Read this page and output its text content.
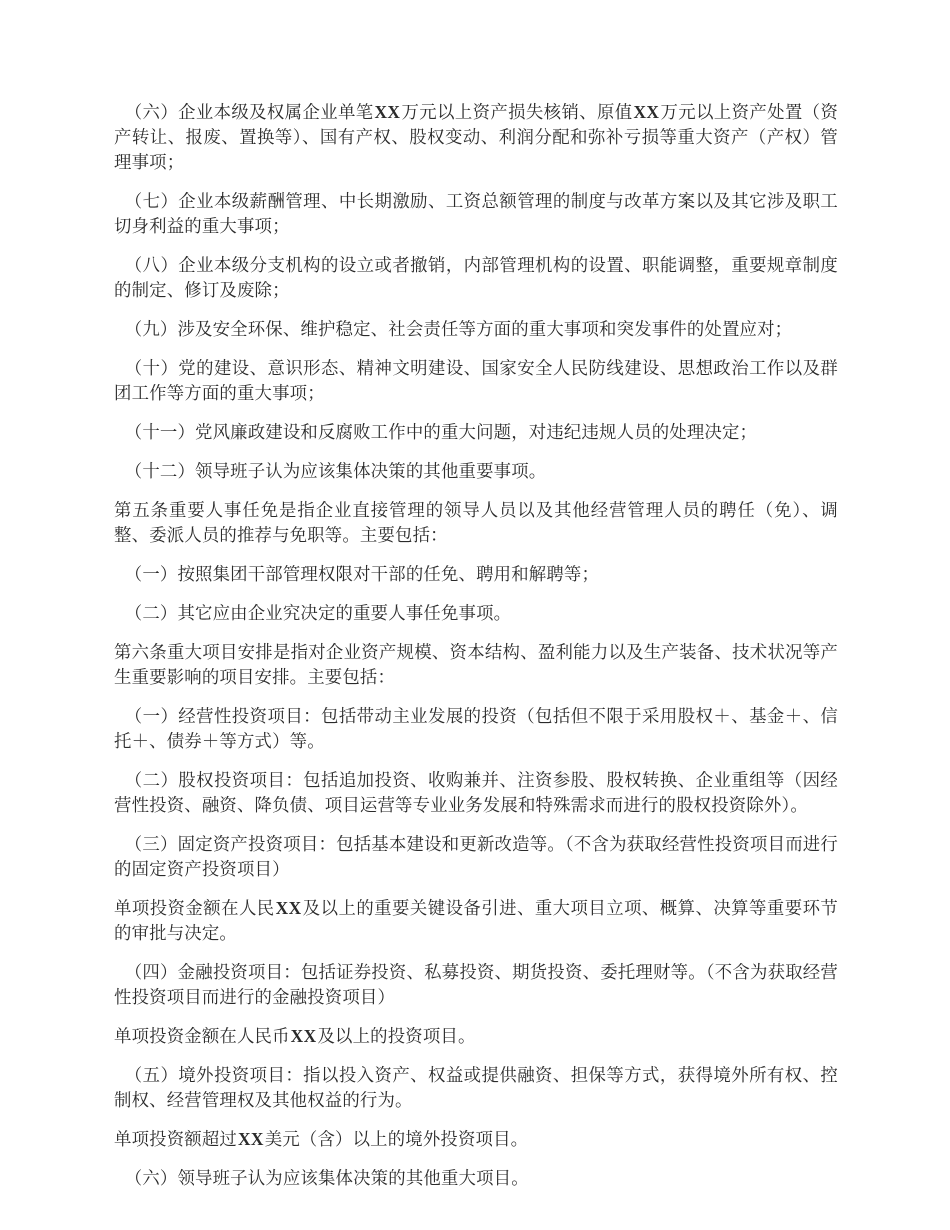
（六）企业本级及权属企业单笔XX万元以上资产损失核销、原值XX万元以上资产处置（资产转让、报废、置换等）、国有产权、股权变动、利润分配和弥补亏损等重大资产（产权）管理事项；

（七）企业本级薪酬管理、中长期激励、工资总额管理的制度与改革方案以及其它涉及职工切身利益的重大事项；

（八）企业本级分支机构的设立或者撤销，内部管理机构的设置、职能调整，重要规章制度的制定、修订及废除；

（九）涉及安全环保、维护稳定、社会责任等方面的重大事项和突发事件的处置应对；

（十）党的建设、意识形态、精神文明建设、国家安全人民防线建设、思想政治工作以及群团工作等方面的重大事项；

（十一）党风廉政建设和反腐败工作中的重大问题，对违纪违规人员的处理决定；

（十二）领导班子认为应该集体决策的其他重要事项。

第五条重要人事任免是指企业直接管理的领导人员以及其他经营管理人员的聘任（免）、调整、委派人员的推荐与免职等。主要包括：

（一）按照集团干部管理权限对干部的任免、聘用和解聘等；

（二）其它应由企业究决定的重要人事任免事项。

第六条重大项目安排是指对企业资产规模、资本结构、盈利能力以及生产装备、技术状况等产生重要影响的项目安排。主要包括：

（一）经营性投资项目：包括带动主业发展的投资（包括但不限于采用股权＋、基金＋、信托＋、债券＋等方式）等。

（二）股权投资项目：包括追加投资、收购兼并、注资参股、股权转换、企业重组等（因经营性投资、融资、降负债、项目运营等专业业务发展和特殊需求而进行的股权投资除外）。

（三）固定资产投资项目：包括基本建设和更新改造等。（不含为获取经营性投资项目而进行的固定资产投资项目）

单项投资金额在人民XX及以上的重要关键设备引进、重大项目立项、概算、决算等重要环节的审批与决定。

（四）金融投资项目：包括证券投资、私募投资、期货投资、委托理财等。（不含为获取经营性投资项目而进行的金融投资项目）

单项投资金额在人民币XX及以上的投资项目。

（五）境外投资项目：指以投入资产、权益或提供融资、担保等方式，获得境外所有权、控制权、经营管理权及其他权益的行为。

单项投资额超过XX美元（含）以上的境外投资项目。

（六）领导班子认为应该集体决策的其他重大项目。
